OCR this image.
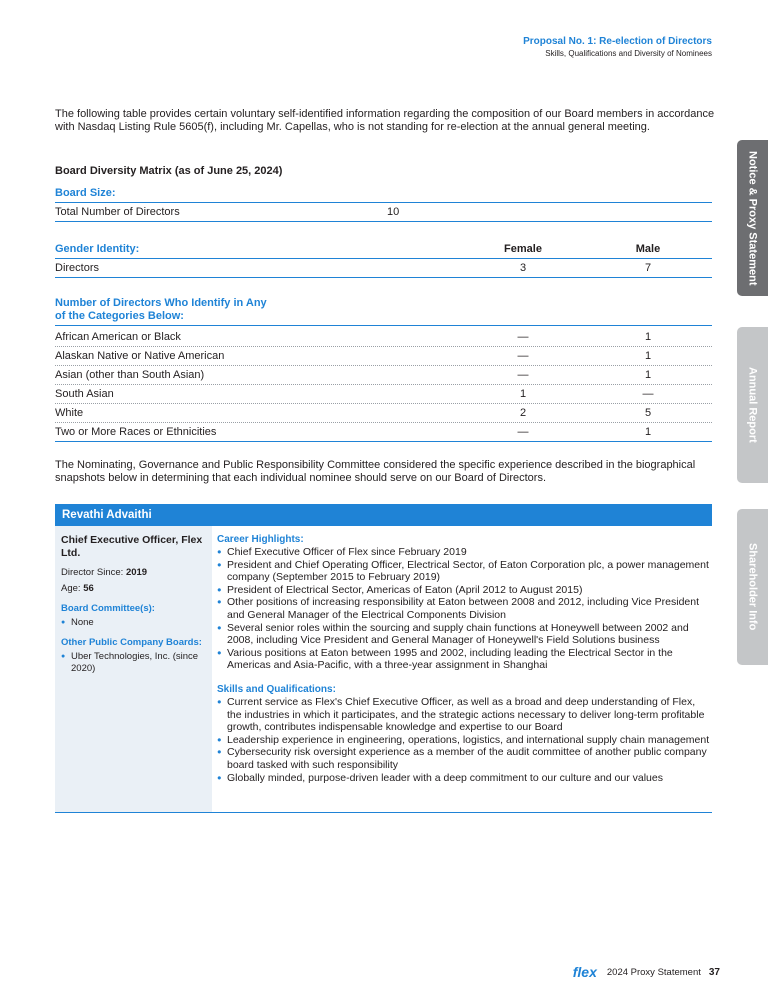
Proposal No. 1: Re-election of Directors
Skills, Qualifications and Diversity of Nominees
The following table provides certain voluntary self-identified information regarding the composition of our Board members in accordance with Nasdaq Listing Rule 5605(f), including Mr. Capellas, who is not standing for re-election at the annual general meeting.
Board Diversity Matrix (as of June 25, 2024)
Board Size:
Total Number of Directors	10
Gender Identity:	Female	Male
Directors	3	7
Number of Directors Who Identify in Any
of the Categories Below:
African American or Black	—	1
Alaskan Native or Native American	—	1
Asian (other than South Asian)	—	1
South Asian	1	—
White	2	5
Two or More Races or Ethnicities	—	1
The Nominating, Governance and Public Responsibility Committee considered the specific experience described in the biographical snapshots below in determining that each individual nominee should serve on our Board of Directors.
Revathi Advaithi
Chief Executive Officer, Flex Ltd.
Director Since: 2019
Age: 56
Board Committee(s):
● None
Other Public Company Boards:
● Uber Technologies, Inc. (since 2020)
Career Highlights:
● Chief Executive Officer of Flex since February 2019
● President and Chief Operating Officer, Electrical Sector, of Eaton Corporation plc, a power management company (September 2015 to February 2019)
● President of Electrical Sector, Americas of Eaton (April 2012 to August 2015)
● Other positions of increasing responsibility at Eaton between 2008 and 2012, including Vice President and General Manager of the Electrical Components Division
● Several senior roles within the sourcing and supply chain functions at Honeywell between 2002 and 2008, including Vice President and General Manager of Honeywell's Field Solutions business
● Various positions at Eaton between 1995 and 2002, including leading the Electrical Sector in the Americas and Asia-Pacific, with a three-year assignment in Shanghai
Skills and Qualifications:
● Current service as Flex's Chief Executive Officer, as well as a broad and deep understanding of Flex, the industries in which it participates, and the strategic actions necessary to deliver long-term profitable growth, contributes indispensable knowledge and expertise to our Board
● Leadership experience in engineering, operations, logistics, and international supply chain management
● Cybersecurity risk oversight experience as a member of the audit committee of another public company board tasked with such responsibility
● Globally minded, purpose-driven leader with a deep commitment to our culture and our values
Notice & Proxy Statement
Annual Report
Shareholder Info
flex 2024 Proxy Statement 37
